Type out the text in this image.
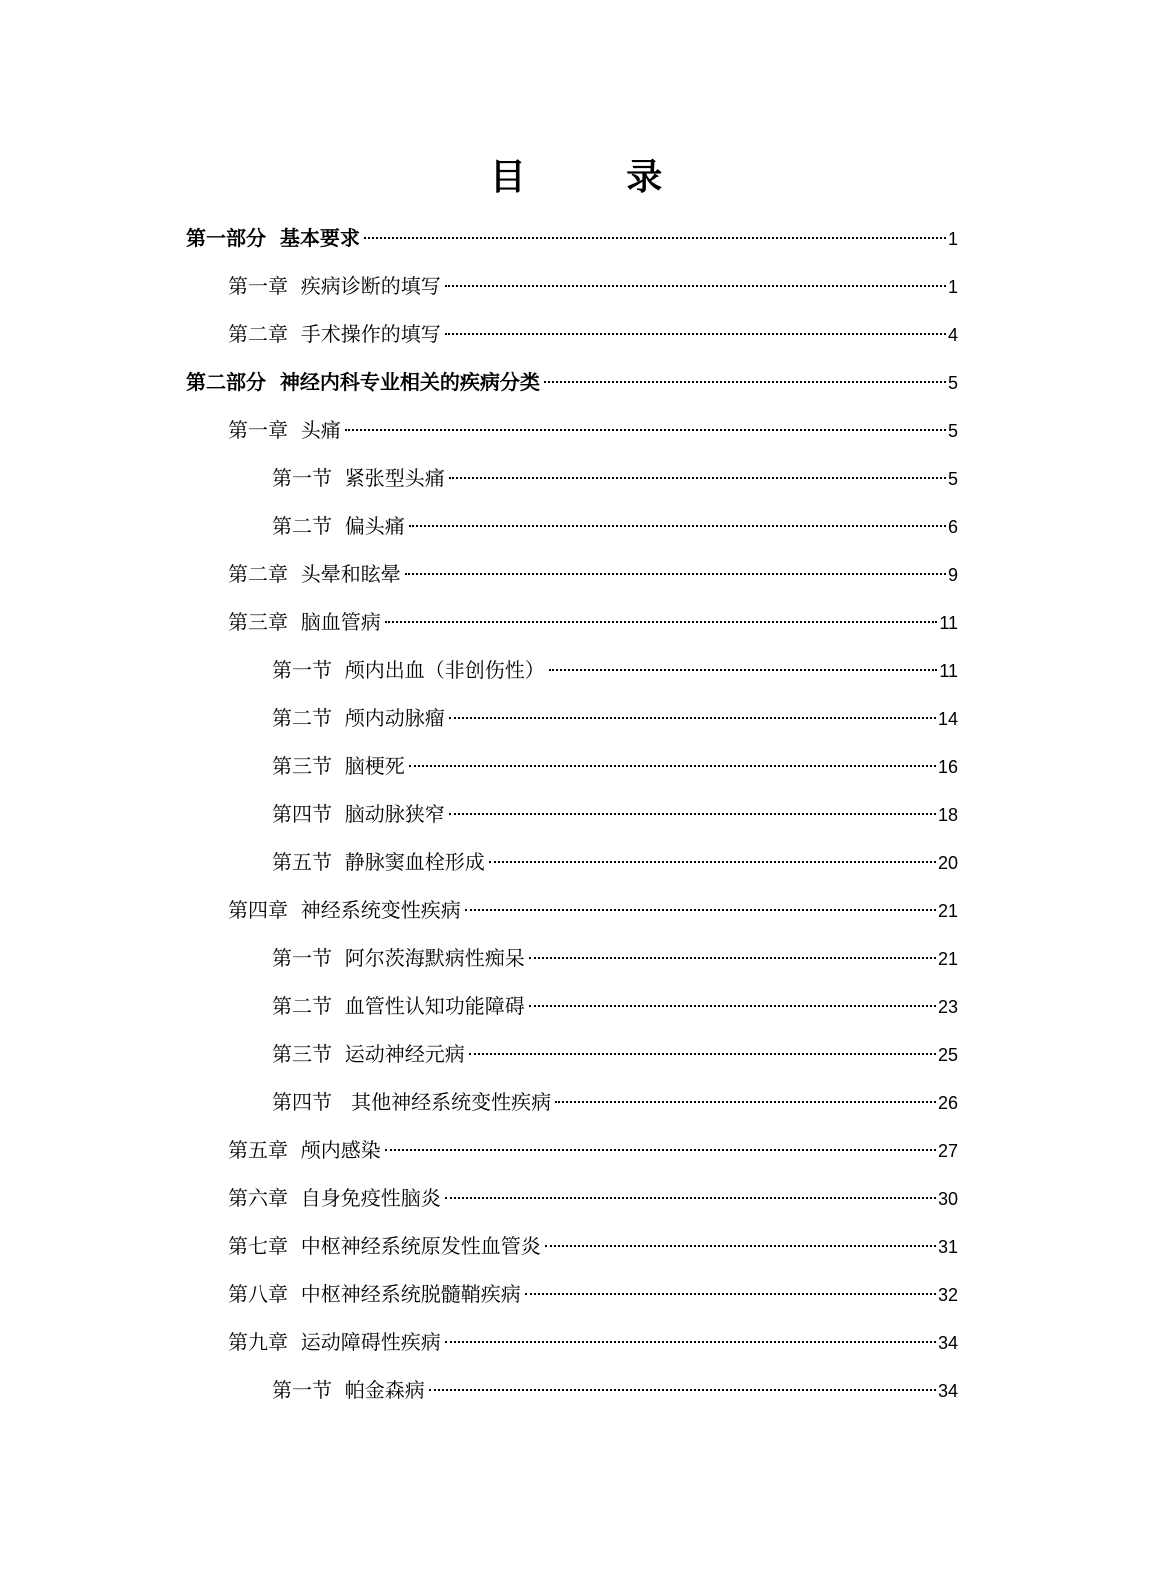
目 录
第一部分  基本要求	1
第一章  疾病诊断的填写	1
第二章  手术操作的填写	4
第二部分  神经内科专业相关的疾病分类	5
第一章  头痛	5
第一节  紧张型头痛	5
第二节  偏头痛	6
第二章  头晕和眩晕	9
第三章  脑血管病	11
第一节  颅内出血（非创伤性）	11
第二节  颅内动脉瘤	14
第三节  脑梗死	16
第四节  脑动脉狭窄	18
第五节  静脉窦血栓形成	20
第四章  神经系统变性疾病	21
第一节  阿尔茨海默病性痴呆	21
第二节  血管性认知功能障碍	23
第三节  运动神经元病	25
第四节   其他神经系统变性疾病	26
第五章  颅内感染	27
第六章  自身免疫性脑炎	30
第七章  中枢神经系统原发性血管炎	31
第八章  中枢神经系统脱髓鞘疾病	32
第九章  运动障碍性疾病	34
第一节  帕金森病	34
